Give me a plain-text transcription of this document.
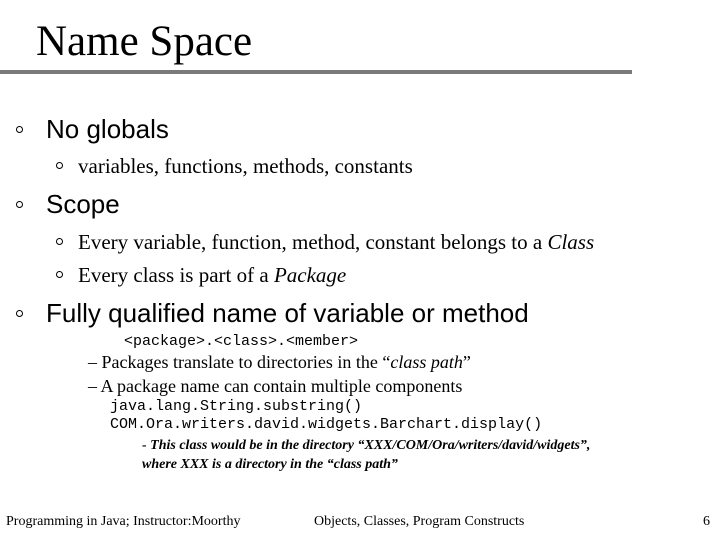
Name Space
No globals
variables, functions, methods, constants
Scope
Every variable, function, method, constant belongs to a Class
Every class is part of a Package
Fully qualified name of variable or method
<package>.<class>.<member>
– Packages translate to directories in the “class path”
– A package name can contain multiple components
java.lang.String.substring()
COM.Ora.writers.david.widgets.Barchart.display()
- This class would be in the directory “XXX/COM/Ora/writers/david/widgets”,
where XXX is a directory in the “class path”
Programming in Java; Instructor:Moorthy	Objects, Classes, Program Constructs	6
